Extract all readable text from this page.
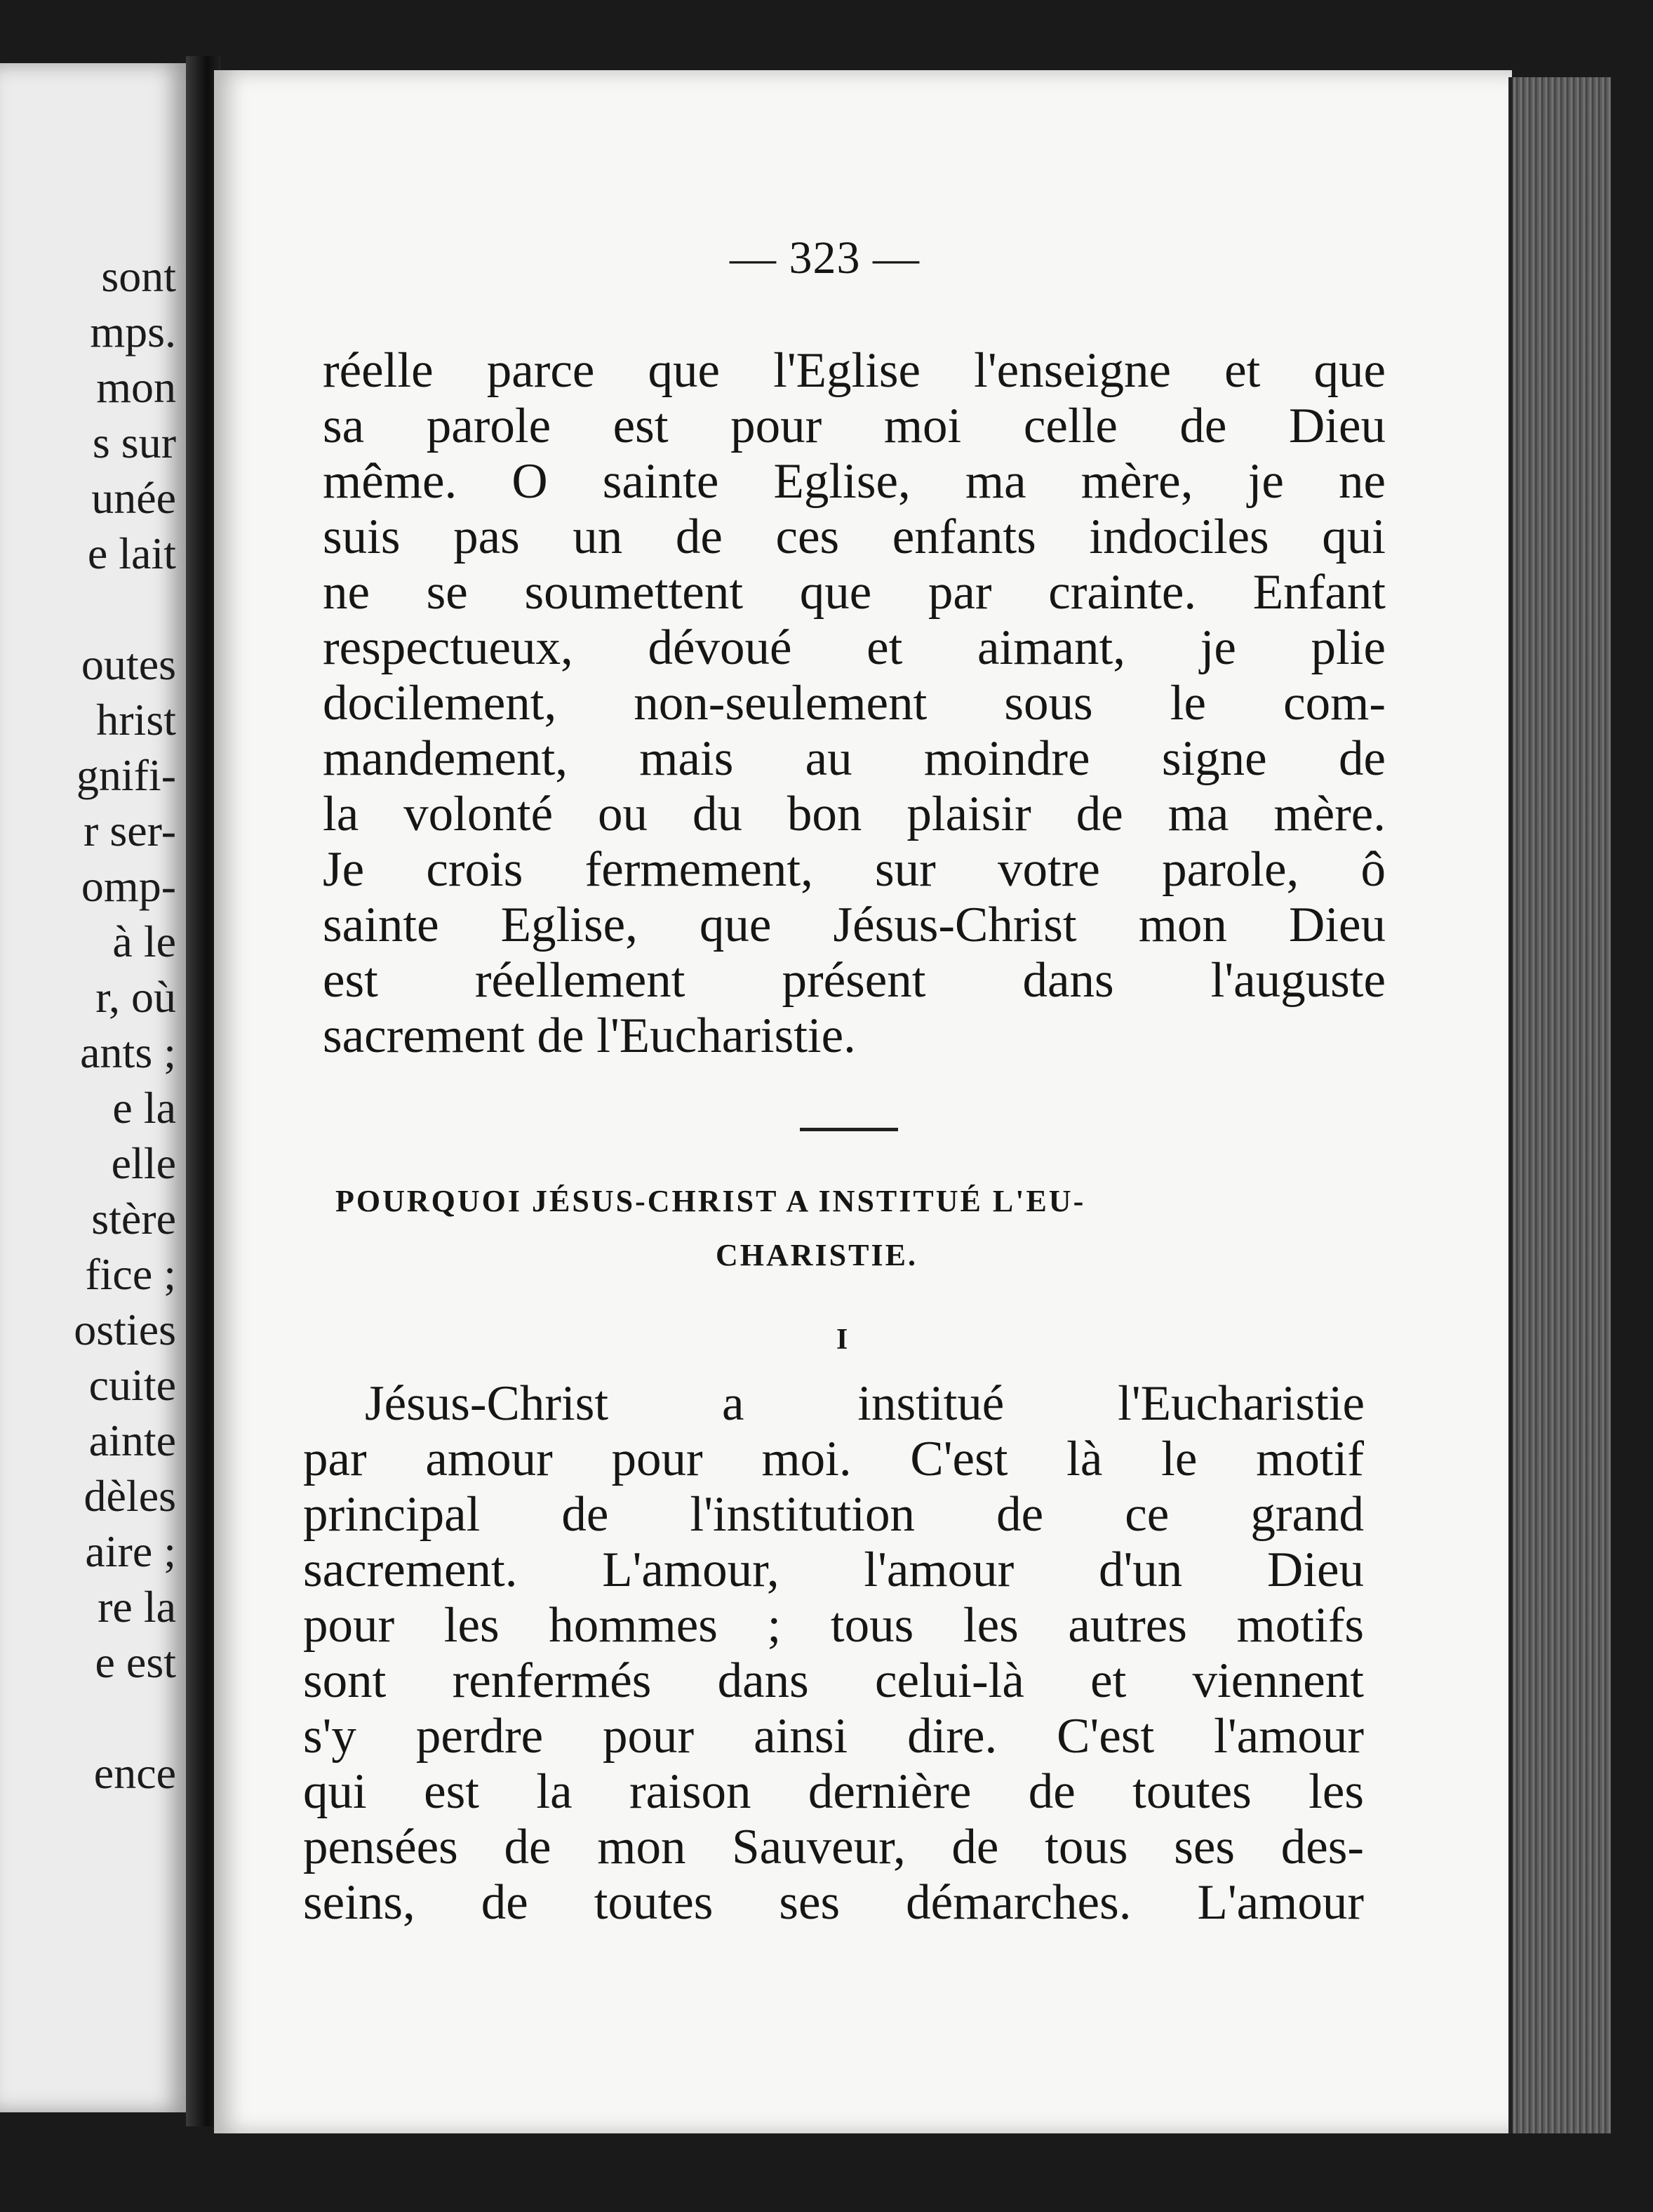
sont
mps.
mon
s sur
unée
e lait
outes
hrist
gnifi-
r ser-
omp-
à le
r, où
ants ;
e la
elle
stère
fice ;
osties
cuite
ainte
dèles
aire ;
re la
e est
ence
— 323 —
POURQUOI JÉSUS-CHRIST A INSTITUÉ L'EU-
CHARISTIE.
I
réelle parce que l'Eglise l'enseigne et que
sa parole est pour moi celle de Dieu
même. O sainte Eglise, ma mère, je ne
suis pas un de ces enfants indociles qui
ne se soumettent que par crainte. Enfant
respectueux, dévoué et aimant, je plie
docilement, non-seulement sous le com-
mandement, mais au moindre signe de
la volonté ou du bon plaisir de ma mère.
Je crois fermement, sur votre parole, ô
sainte Eglise, que Jésus-Christ mon Dieu
est réellement présent dans l'auguste
sacrement de l'Eucharistie.
Jésus-Christ a institué l'Eucharistie
par amour pour moi. C'est là le motif
principal de l'institution de ce grand
sacrement. L'amour, l'amour d'un Dieu
pour les hommes ; tous les autres motifs
sont renfermés dans celui-là et viennent
s'y perdre pour ainsi dire. C'est l'amour
qui est la raison dernière de toutes les
pensées de mon Sauveur, de tous ses des-
seins, de toutes ses démarches. L'amour
